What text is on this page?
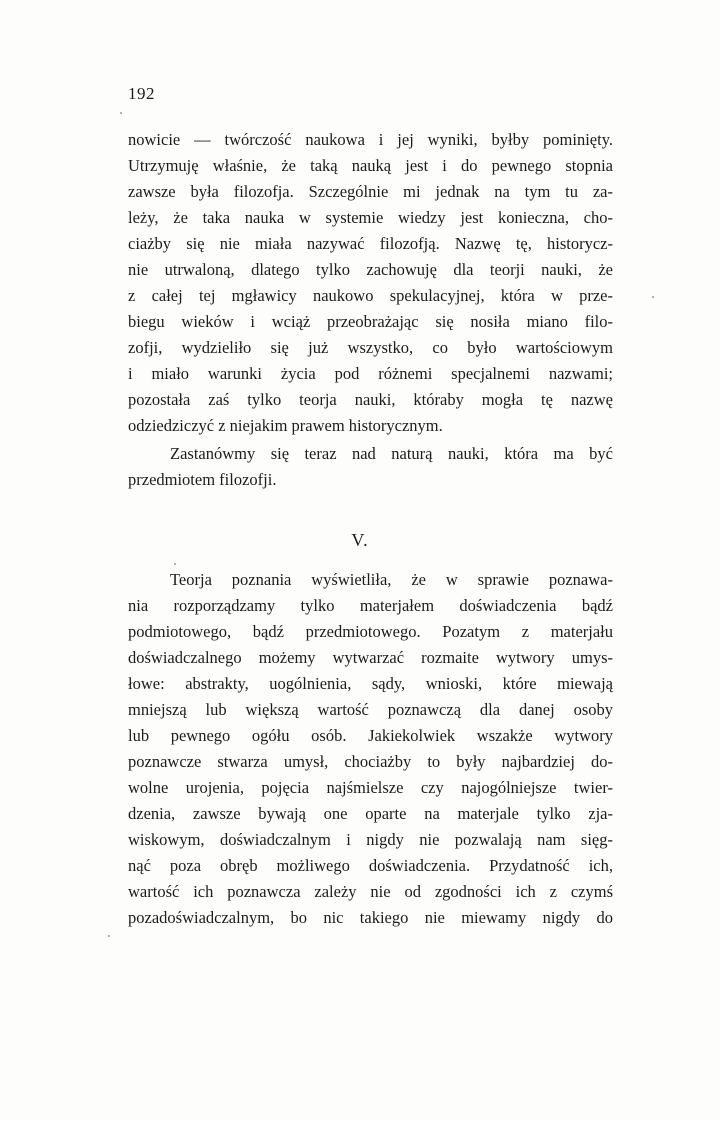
192
nowicie — twórczość naukowa i jej wyniki, byłby pominięty.
Utrzymuję właśnie, że taką nauką jest i do pewnego stopnia
zawsze była filozofja. Szczególnie mi jednak na tym tu za-
leży, że taka nauka w systemie wiedzy jest konieczna, cho-
ciażby się nie miała nazywać filozofją. Nazwę tę, historycz-
nie utrwaloną, dlatego tylko zachowuję dla teorji nauki, że
z całej tej mgławicy naukowo spekulacyjnej, która w prze-
biegu wieków i wciąż przeobrażając się nosiła miano filo-
zofji, wydzieliło się już wszystko, co było wartościowym
i miało warunki życia pod różnemi specjalnemi nazwami;
pozostała zaś tylko teorja nauki, któraby mogła tę nazwę
odziedziczyć z niejakim prawem historycznym.
Zastanówmy się teraz nad naturą nauki, która ma być
przedmiotem filozofji.
V.
Teorja poznania wyświetliła, że w sprawie poznawa-
nia rozporządzamy tylko materjałem doświadczenia bądź
podmiotowego, bądź przedmiotowego. Pozatym z materjału
doświadczalnego możemy wytwarzać rozmaite wytwory umys-
łowe: abstrakty, uogólnienia, sądy, wnioski, które miewają
mniejszą lub większą wartość poznawczą dla danej osoby
lub pewnego ogółu osób. Jakiekolwiek wszakże wytwory
poznawcze stwarza umysł, chociażby to były najbardziej do-
wolne urojenia, pojęcia najśmielsze czy najogólniejsze twier-
dzenia, zawsze bywają one oparte na materjale tylko zja-
wiskowym, doświadczalnym i nigdy nie pozwalają nam sięg-
nąć poza obręb możliwego doświadczenia. Przydatność ich,
wartość ich poznawcza zależy nie od zgodności ich z czymś
pozadoświadczalnym, bo nic takiego nie miewamy nigdy do
